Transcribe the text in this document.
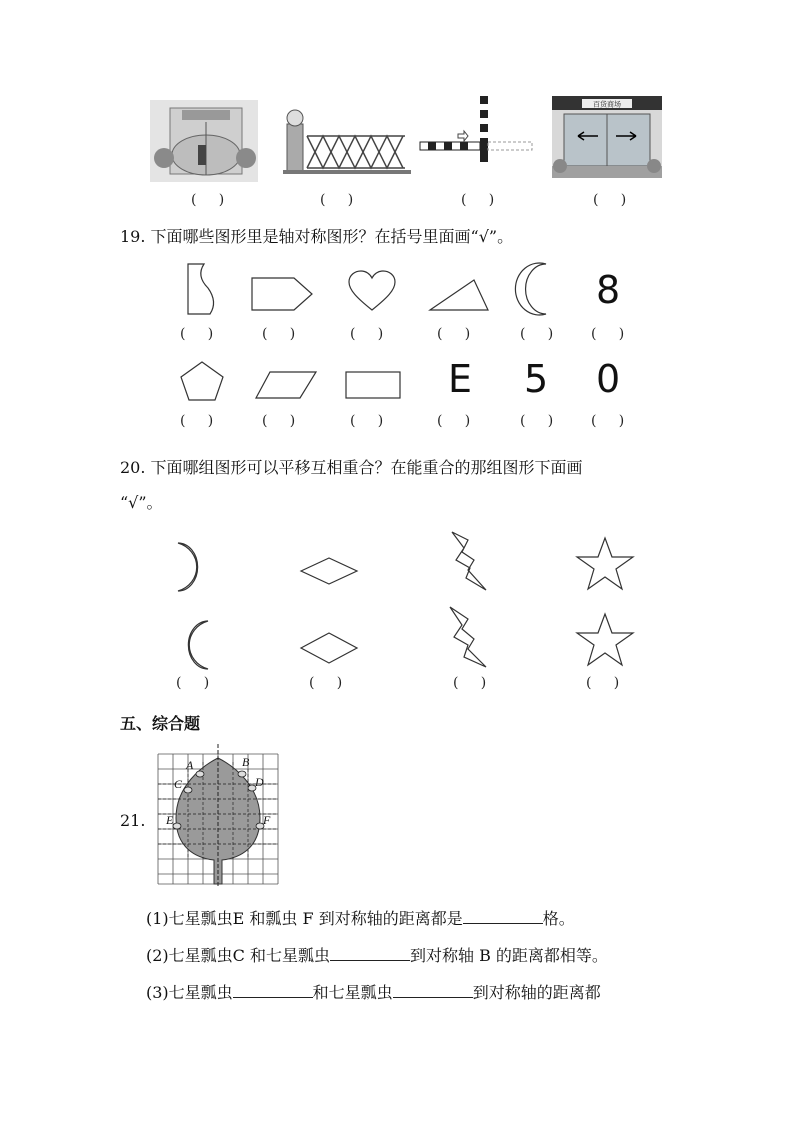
百货商场
(     )	(     )	(     )	(     )
19. 下面哪些图形里是轴对称图形？在括号里面画“√”。
8
(     )	(     )	(     )	(     )	(     )	(     )
E 5 0
(     )	(     )	(     )	(     )	(     )	(     )
20. 下面哪组图形可以平移互相重合？在能重合的那组图形下面画
“√”。
(     )	(     )	(     )	(     )
五、综合题
21.
A	B
C	D
E	F
(1)七星瓢虫E 和瓢虫 F 到对称轴的距离都是	格。
(2)七星瓢虫C 和七星瓢虫	到对称轴 B 的距离都相等。
(3)七星瓢虫	和七星瓢虫	到对称轴的距离都
